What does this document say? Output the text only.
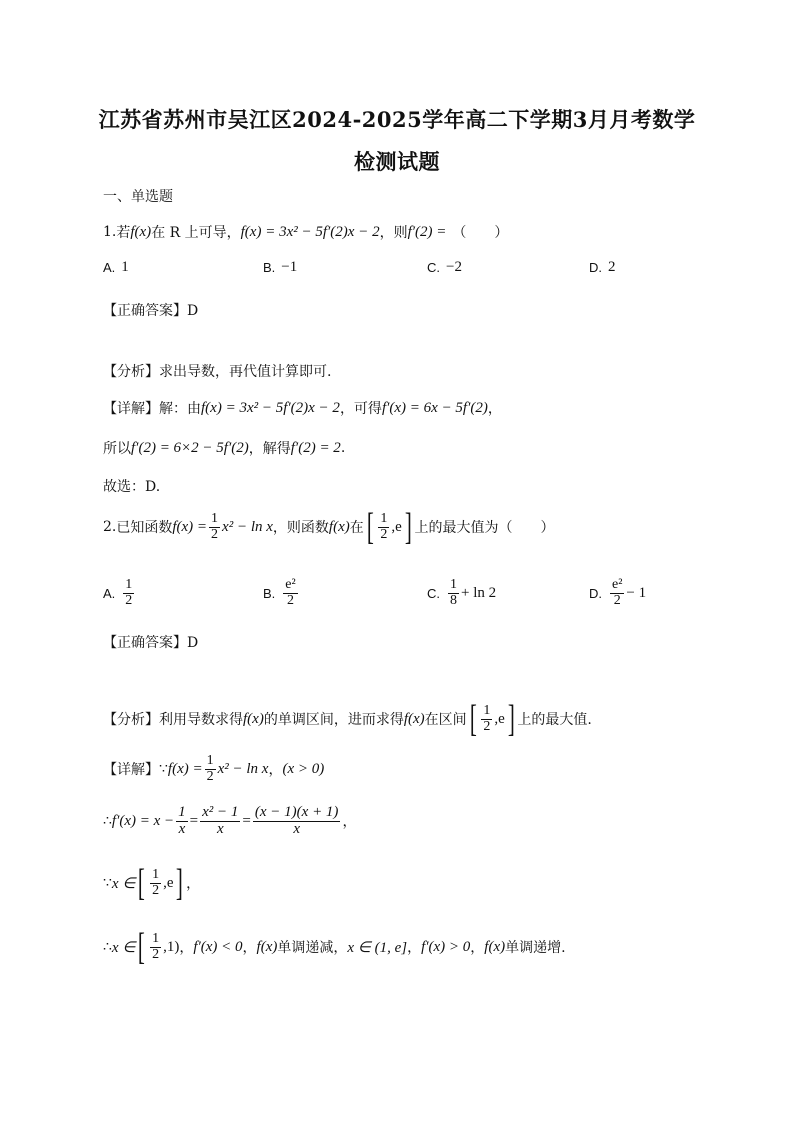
江苏省苏州市吴江区2024-2025学年高二下学期3月月考数学
检测试题
一、单选题
1. 若 f(x) 在 R 上可导， f(x) = 3x² − 5f′(2)x − 2 ，则 f′(2) = （　　）
A. 1	B. −1	C. −2	D. 2
【正确答案】D
【分析】 求出导数，再代值计算即可.
【详解】 解：由 f(x) = 3x² − 5f′(2)x − 2 ，可得 f′(x) = 6x − 5f′(2) ，
所以 f′(2) = 6×2 − 5f′(2) ，解得 f′(2) = 2 .
故选：D.
2. 已知函数 $f(x) = \frac{1}{2} x^2 - \ln x$ ，则函数 f(x) 在 [ $\frac{1}{2}$ , e ] 上的最大值为（　　）
A. $\frac{1}{2}$	B. $\frac{\text{e²}}{2}$	C. $\frac{1}{8} + \ln 2$	D. $\frac{\text{e²}}{2} - 1$
【正确答案】D
【分析】 利用导数求得 f(x) 的单调区间，进而求得 f(x) 在区间 [ $\frac{1}{2}$ , e ] 上的最大值.
【详解】 ∵ $f(x) = \frac{1}{2} x^2 - \ln x$ ， (x > 0)
∴ $f'(x) = x - \frac{1}{x} = \frac{\text{x² − 1}}{x} = \frac{(x - 1)(x + 1)}{x}$ ，
∵ x ∈ [ $\frac{1}{2}$ , e ] ，
∴ x ∈ [ $\frac{1}{2}$ , 1) ， f′(x) < 0 ， f(x) 单调递减， x ∈ (1, e] ， f′(x) > 0 ， f(x) 单调递增.
